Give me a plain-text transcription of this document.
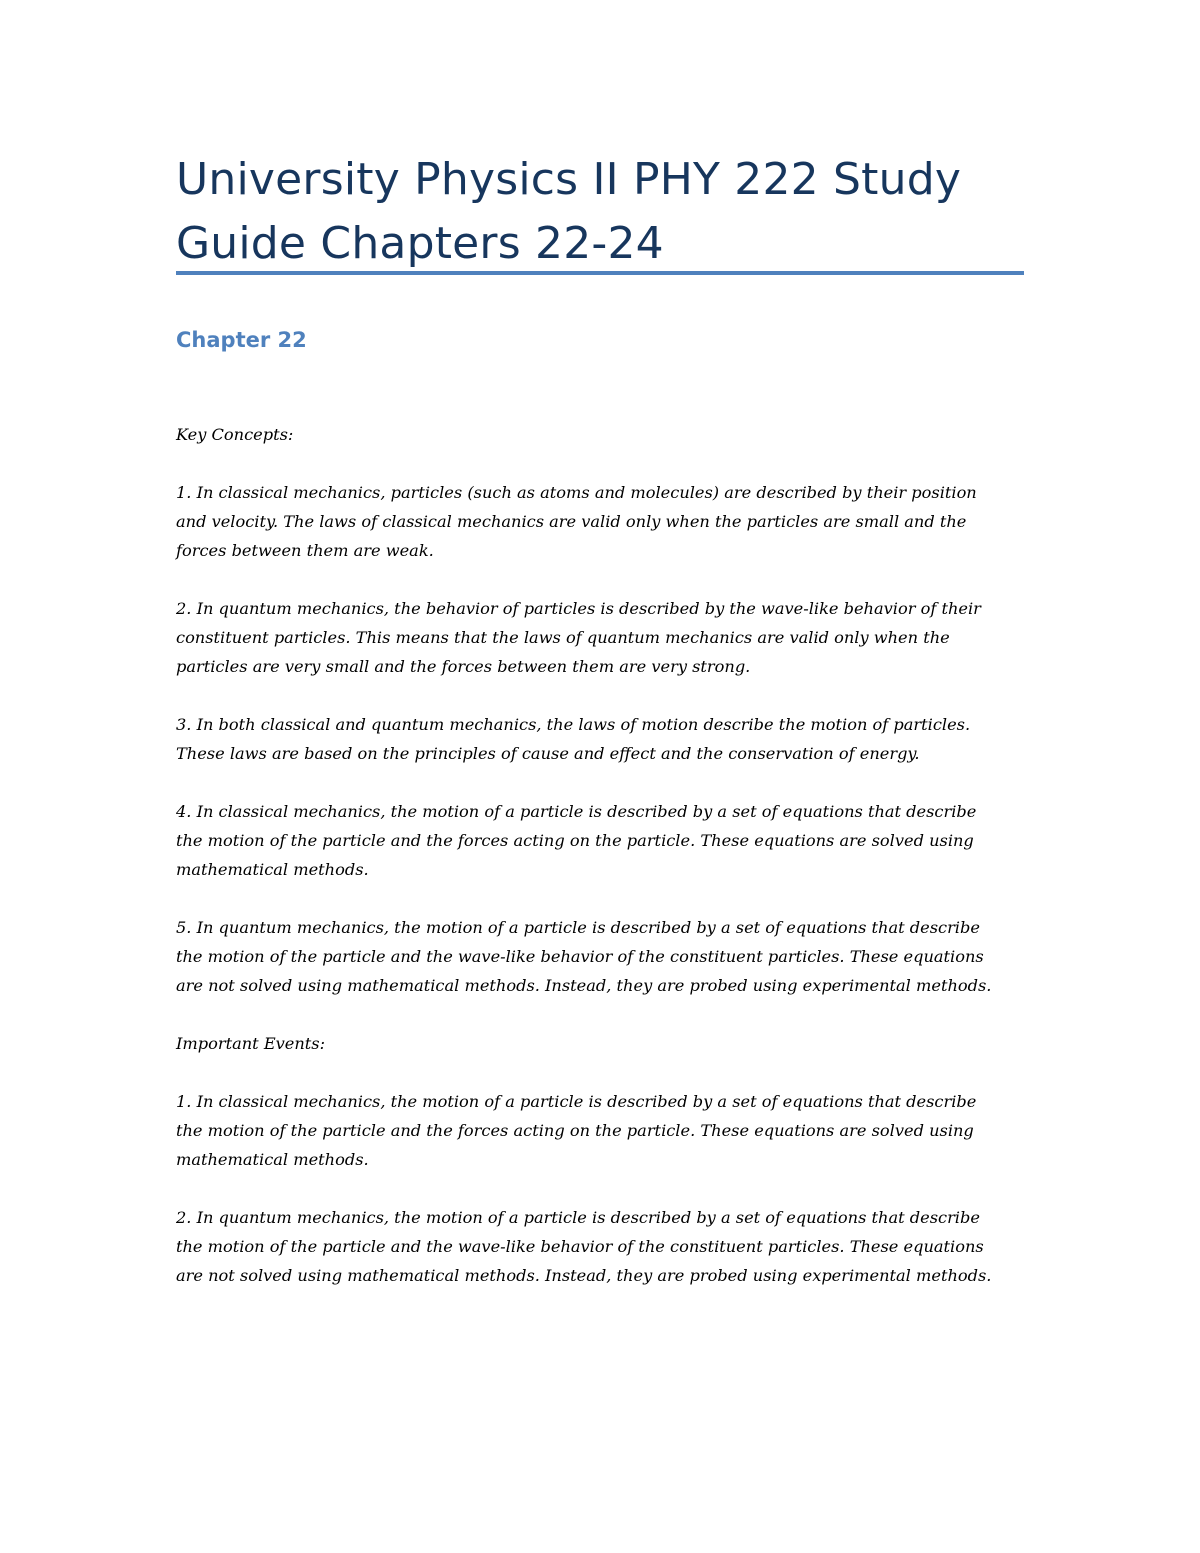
University Physics II PHY 222 Study Guide Chapters 22-24
Chapter 22

Key Concepts:

1. In classical mechanics, particles (such as atoms and molecules) are described by their position and velocity. The laws of classical mechanics are valid only when the particles are small and the forces between them are weak.

2. In quantum mechanics, the behavior of particles is described by the wave-like behavior of their constituent particles. This means that the laws of quantum mechanics are valid only when the particles are very small and the forces between them are very strong.

3. In both classical and quantum mechanics, the laws of motion describe the motion of particles. These laws are based on the principles of cause and effect and the conservation of energy.

4. In classical mechanics, the motion of a particle is described by a set of equations that describe the motion of the particle and the forces acting on the particle. These equations are solved using mathematical methods.

5. In quantum mechanics, the motion of a particle is described by a set of equations that describe the motion of the particle and the wave-like behavior of the constituent particles. These equations are not solved using mathematical methods. Instead, they are probed using experimental methods.

Important Events:

1. In classical mechanics, the motion of a particle is described by a set of equations that describe the motion of the particle and the forces acting on the particle. These equations are solved using mathematical methods.

2. In quantum mechanics, the motion of a particle is described by a set of equations that describe the motion of the particle and the wave-like behavior of the constituent particles. These equations are not solved using mathematical methods. Instead, they are probed using experimental methods.
